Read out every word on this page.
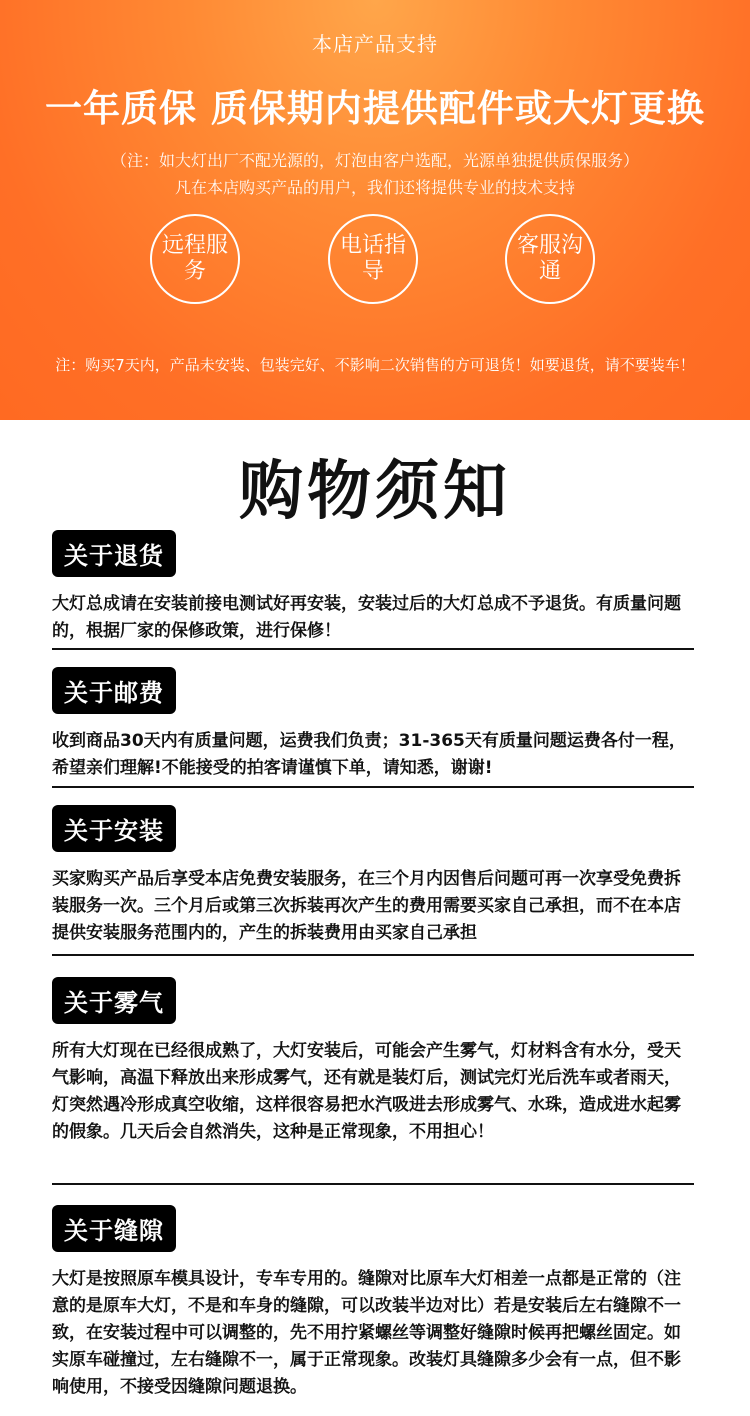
本店产品支持
一年质保 质保期内提供配件或大灯更换
（注：如大灯出厂不配光源的，灯泡由客户选配，光源单独提供质保服务）
凡在本店购买产品的用户，我们还将提供专业的技术支持
远程服务
电话指导
客服沟通
注：购买7天内，产品未安装、包装完好、不影响二次销售的方可退货！如要退货，请不要装车！
购物须知
关于退货
大灯总成请在安装前接电测试好再安装，安装过后的大灯总成不予退货。有质量问题的，根据厂家的保修政策，进行保修！
关于邮费
收到商品30天内有质量问题，运费我们负责；31-365天有质量问题运费各付一程，希望亲们理解!不能接受的拍客请谨慎下单，请知悉，谢谢!
关于安装
买家购买产品后享受本店免费安装服务，在三个月内因售后问题可再一次享受免费拆装服务一次。三个月后或第三次拆装再次产生的费用需要买家自己承担，而不在本店提供安装服务范围内的，产生的拆装费用由买家自己承担
关于雾气
所有大灯现在已经很成熟了，大灯安装后，可能会产生雾气，灯材料含有水分，受天气影响，高温下释放出来形成雾气，还有就是装灯后，测试完灯光后洗车或者雨天，灯突然遇冷形成真空收缩，这样很容易把水汽吸进去形成雾气、水珠，造成进水起雾的假象。几天后会自然消失，这种是正常现象，不用担心！
关于缝隙
大灯是按照原车模具设计，专车专用的。缝隙对比原车大灯相差一点都是正常的（注意的是原车大灯，不是和车身的缝隙，可以改装半边对比）若是安装后左右缝隙不一致，在安装过程中可以调整的，先不用拧紧螺丝等调整好缝隙时候再把螺丝固定。如实原车碰撞过，左右缝隙不一，属于正常现象。改装灯具缝隙多少会有一点，但不影响使用，不接受因缝隙问题退换。
